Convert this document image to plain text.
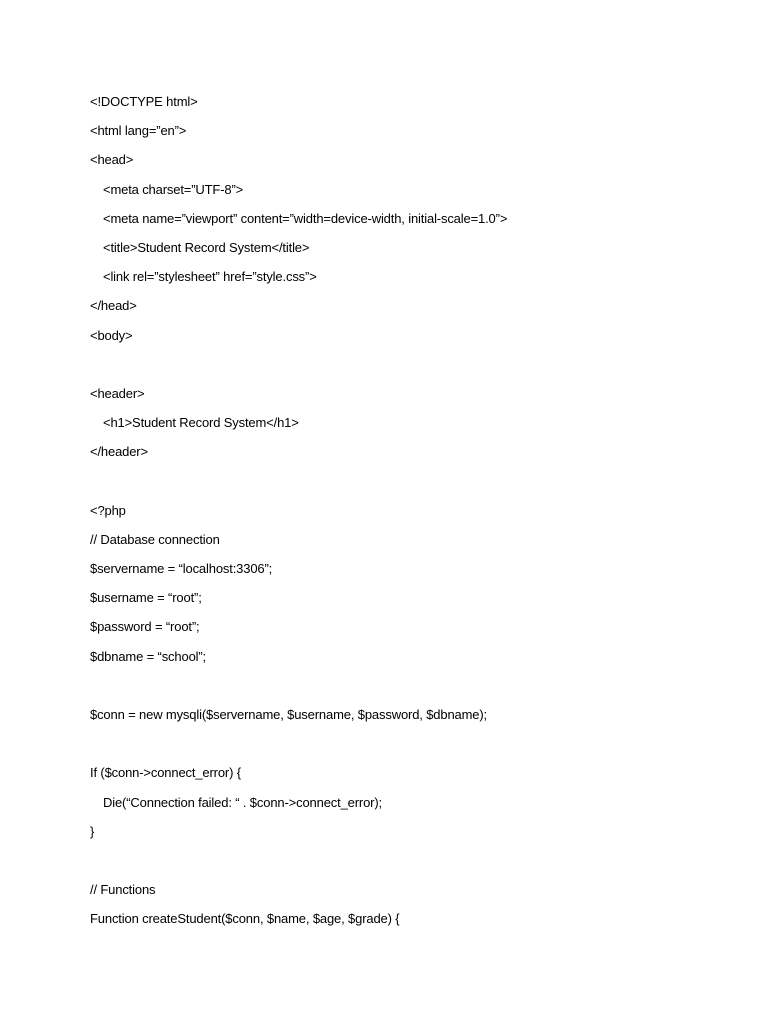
<!DOCTYPE html>
<html lang=”en”>
<head>
<meta charset=”UTF-8”>
<meta name=”viewport” content=”width=device-width, initial-scale=1.0”>
<title>Student Record System</title>
<link rel=”stylesheet” href=”style.css”>
</head>
<body>
<header>
<h1>Student Record System</h1>
</header>
<?php
// Database connection
$servername = “localhost:3306”;
$username = “root”;
$password = “root”;
$dbname = “school”;
$conn = new mysqli($servername, $username, $password, $dbname);
If ($conn->connect_error) {
Die(“Connection failed: “ . $conn->connect_error);
}
// Functions
Function createStudent($conn, $name, $age, $grade) {
